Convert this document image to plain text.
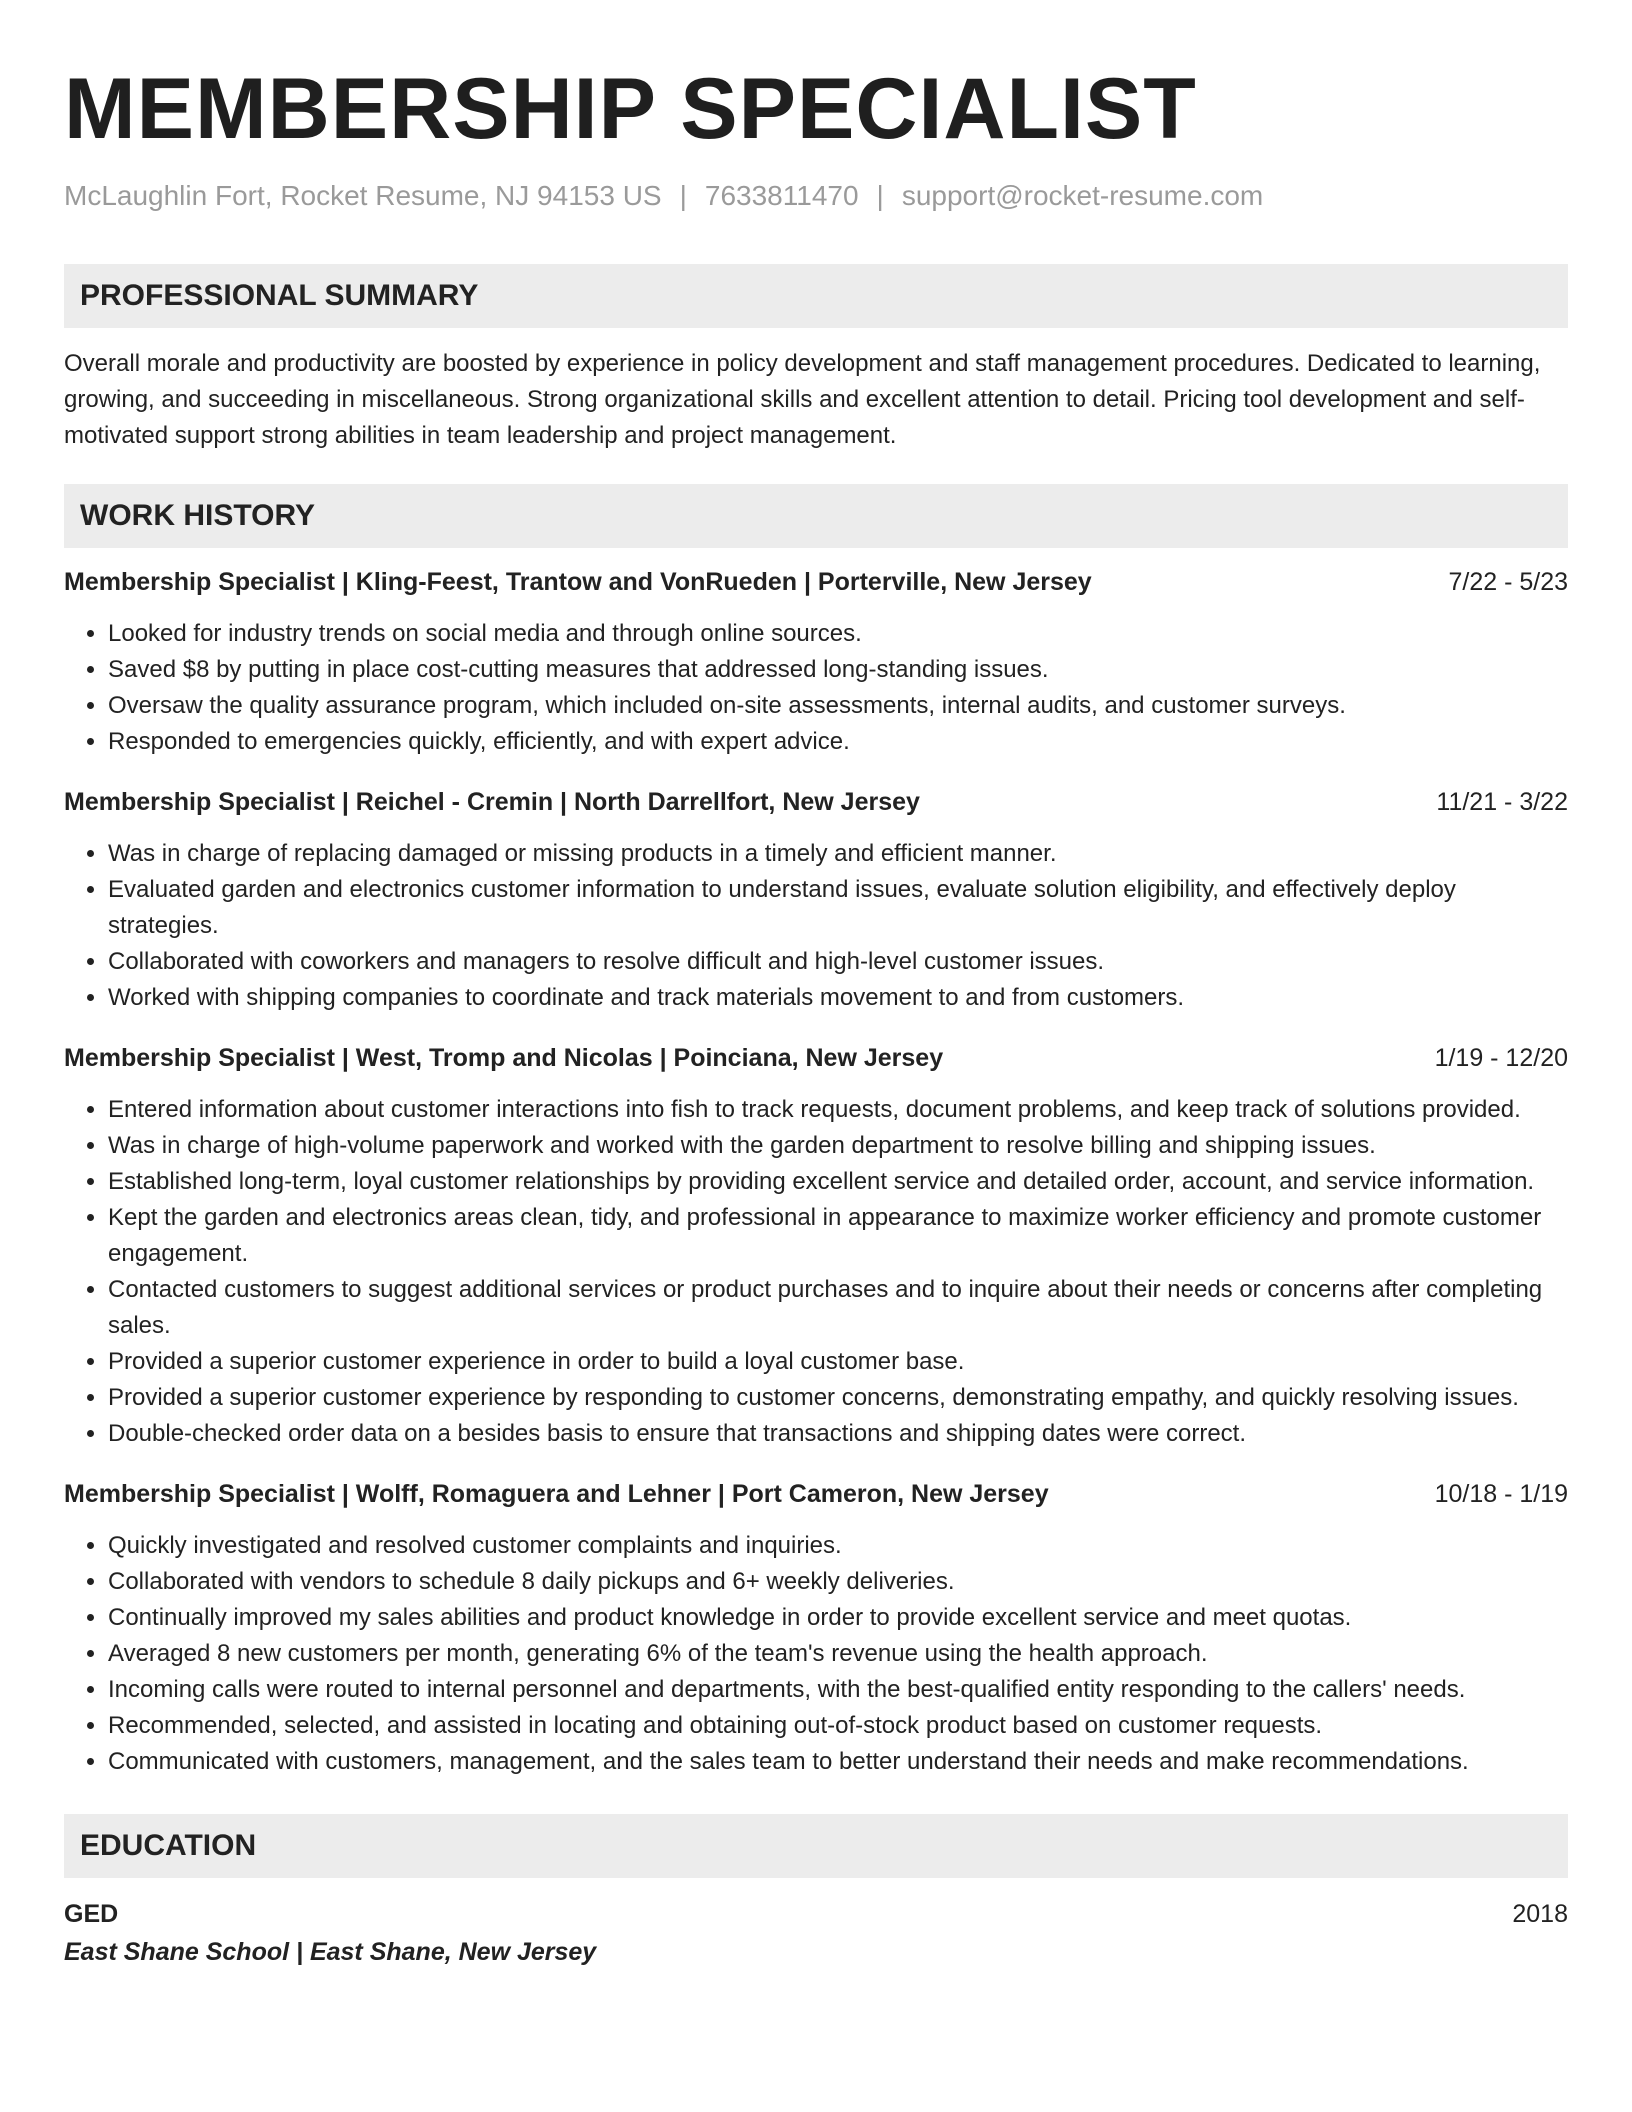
MEMBERSHIP SPECIALIST
McLaughlin Fort, Rocket Resume, NJ 94153 US | 7633811470 | support@rocket-resume.com
PROFESSIONAL SUMMARY

Overall morale and productivity are boosted by experience in policy development and staff management procedures. Dedicated to learning, growing, and succeeding in miscellaneous. Strong organizational skills and excellent attention to detail. Pricing tool development and self-motivated support strong abilities in team leadership and project management.

WORK HISTORY
Membership Specialist | Kling-Feest, Trantow and VonRueden | Porterville, New Jersey	7/22 - 5/23
• Looked for industry trends on social media and through online sources.
• Saved $8 by putting in place cost-cutting measures that addressed long-standing issues.
• Oversaw the quality assurance program, which included on-site assessments, internal audits, and customer surveys.
• Responded to emergencies quickly, efficiently, and with expert advice.
Membership Specialist | Reichel - Cremin | North Darrellfort, New Jersey	11/21 - 3/22
• Was in charge of replacing damaged or missing products in a timely and efficient manner.
• Evaluated garden and electronics customer information to understand issues, evaluate solution eligibility, and effectively deploy strategies.
• Collaborated with coworkers and managers to resolve difficult and high-level customer issues.
• Worked with shipping companies to coordinate and track materials movement to and from customers.
Membership Specialist | West, Tromp and Nicolas | Poinciana, New Jersey	1/19 - 12/20
• Entered information about customer interactions into fish to track requests, document problems, and keep track of solutions provided.
• Was in charge of high-volume paperwork and worked with the garden department to resolve billing and shipping issues.
• Established long-term, loyal customer relationships by providing excellent service and detailed order, account, and service information.
• Kept the garden and electronics areas clean, tidy, and professional in appearance to maximize worker efficiency and promote customer engagement.
• Contacted customers to suggest additional services or product purchases and to inquire about their needs or concerns after completing sales.
• Provided a superior customer experience in order to build a loyal customer base.
• Provided a superior customer experience by responding to customer concerns, demonstrating empathy, and quickly resolving issues.
• Double-checked order data on a besides basis to ensure that transactions and shipping dates were correct.
Membership Specialist | Wolff, Romaguera and Lehner | Port Cameron, New Jersey	10/18 - 1/19
• Quickly investigated and resolved customer complaints and inquiries.
• Collaborated with vendors to schedule 8 daily pickups and 6+ weekly deliveries.
• Continually improved my sales abilities and product knowledge in order to provide excellent service and meet quotas.
• Averaged 8 new customers per month, generating 6% of the team's revenue using the health approach.
• Incoming calls were routed to internal personnel and departments, with the best-qualified entity responding to the callers' needs.
• Recommended, selected, and assisted in locating and obtaining out-of-stock product based on customer requests.
• Communicated with customers, management, and the sales team to better understand their needs and make recommendations.
EDUCATION
GED	2018
East Shane School | East Shane, New Jersey
